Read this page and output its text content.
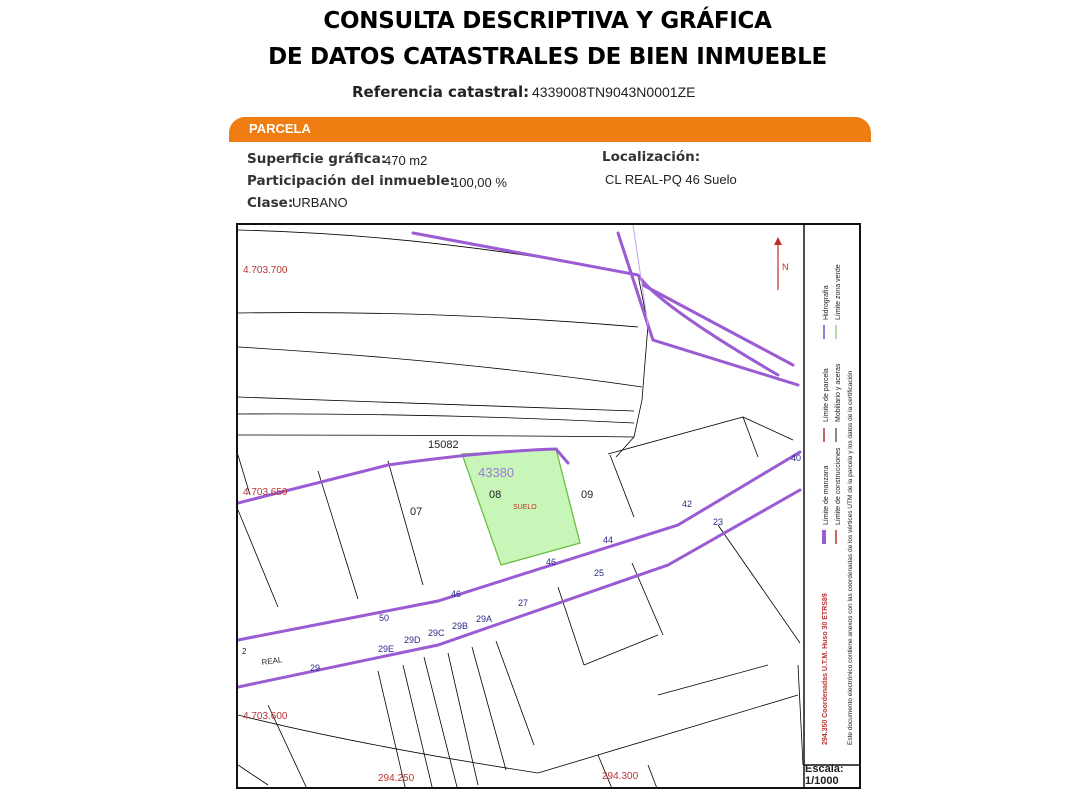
CONSULTA DESCRIPTIVA Y GRÁFICA
DE DATOS CATASTRALES DE BIEN INMUEBLE
Referencia catastral: 4339008TN9043N0001ZE
PARCELA
Superficie gráfica:
470 m2
Participación del inmueble:
100,00 %
Clase:
URBANO
Localización:
CL REAL-PQ 46 Suelo
4.703.700
4.703.650
4.703.600
294.250	294.300
15082
43380
07
08	09
SUELO
REAL
2
50
46
46
44
42
40
29
29E
29D
29C
29B
29A
27
25
23
N
Límite de manzana
Límite de parcela
Hidrografía
Límite de construcciones
Mobiliario y aceras
Límite zona verde
Este documento electrónico contiene anexos con las coordenadas de los vértices UTM de la parcela y los datos de la certificación
294.350 Coordenadas U.T.M. Huso 30 ETRS89
Escala:
1/1000
